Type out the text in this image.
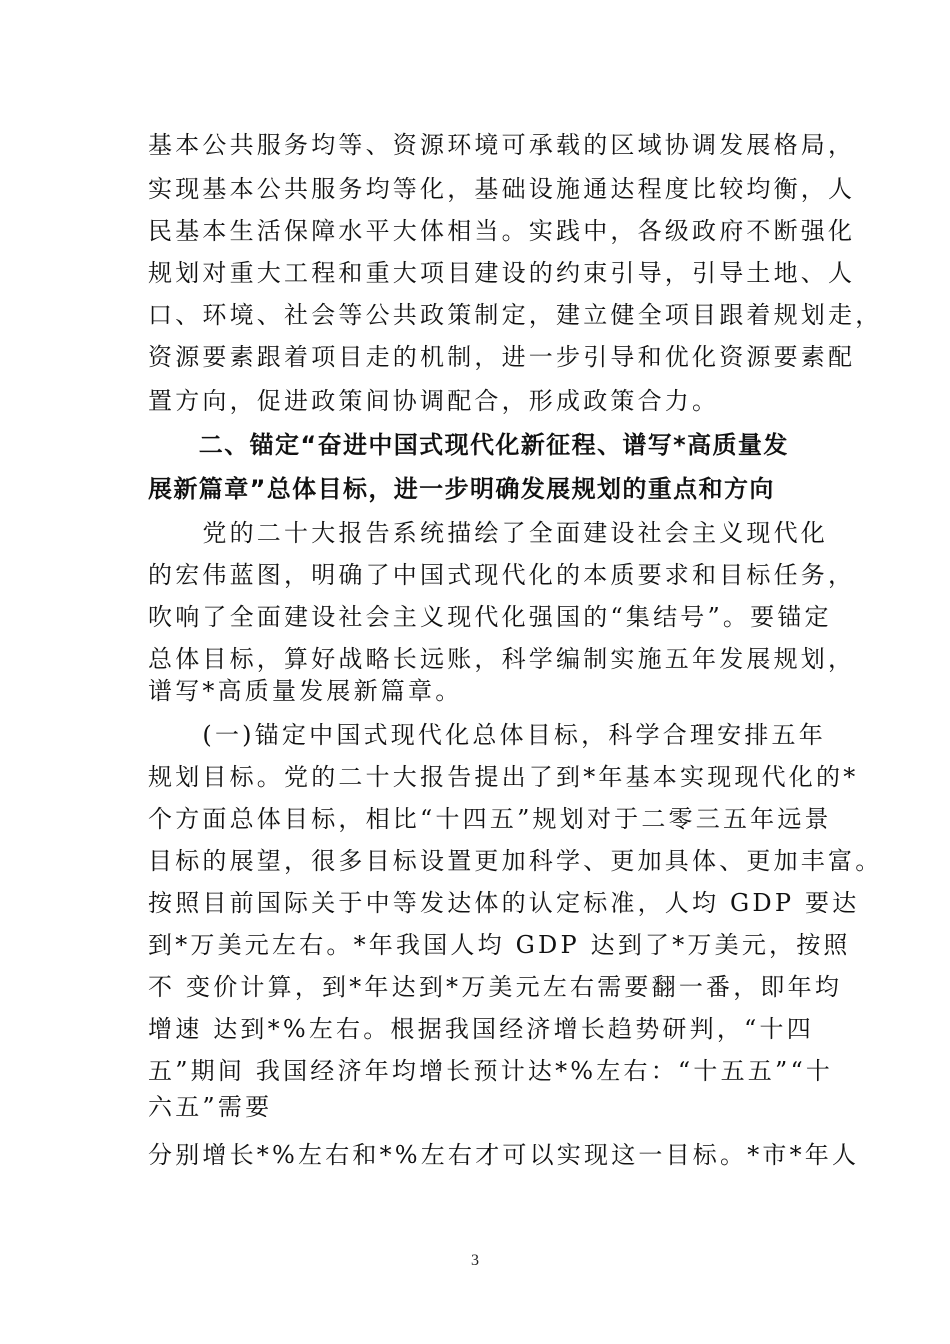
基本公共服务均等、资源环境可承载的区域协调发展格局，
实现基本公共服务均等化，基础设施通达程度比较均衡，人
民基本生活保障水平大体相当。实践中，各级政府不断强化
规划对重大工程和重大项目建设的约束引导，引导土地、人
口、环境、社会等公共政策制定，建立健全项目跟着规划走，
资源要素跟着项目走的机制，进一步引导和优化资源要素配
置方向，促进政策间协调配合，形成政策合力。
　　二、锚定“奋进中国式现代化新征程、谱写*高质量发
展新篇章”总体目标，进一步明确发展规划的重点和方向
　　党的二十大报告系统描绘了全面建设社会主义现代化
的宏伟蓝图，明确了中国式现代化的本质要求和目标任务，
吹响了全面建设社会主义现代化强国的“集结号”。要锚定
总体目标，算好战略长远账，科学编制实施五年发展规划，
谱写*高质量发展新篇章。
　　(一)锚定中国式现代化总体目标，科学合理安排五年
规划目标。党的二十大报告提出了到*年基本实现现代化的*
个方面总体目标，相比“十四五”规划对于二零三五年远景
目标的展望，很多目标设置更加科学、更加具体、更加丰富。
按照目前国际关于中等发达体的认定标准，人均 GDP 要达
到*万美元左右。*年我国人均 GDP 达到了*万美元，按照
不 变价计算，到*年达到*万美元左右需要翻一番，即年均
增速 达到*%左右。根据我国经济增长趋势研判，“十四
五”期间 我国经济年均增长预计达*%左右：“十五五”“十
六五”需要
分别增长*%左右和*%左右才可以实现这一目标。*市*年人
3
